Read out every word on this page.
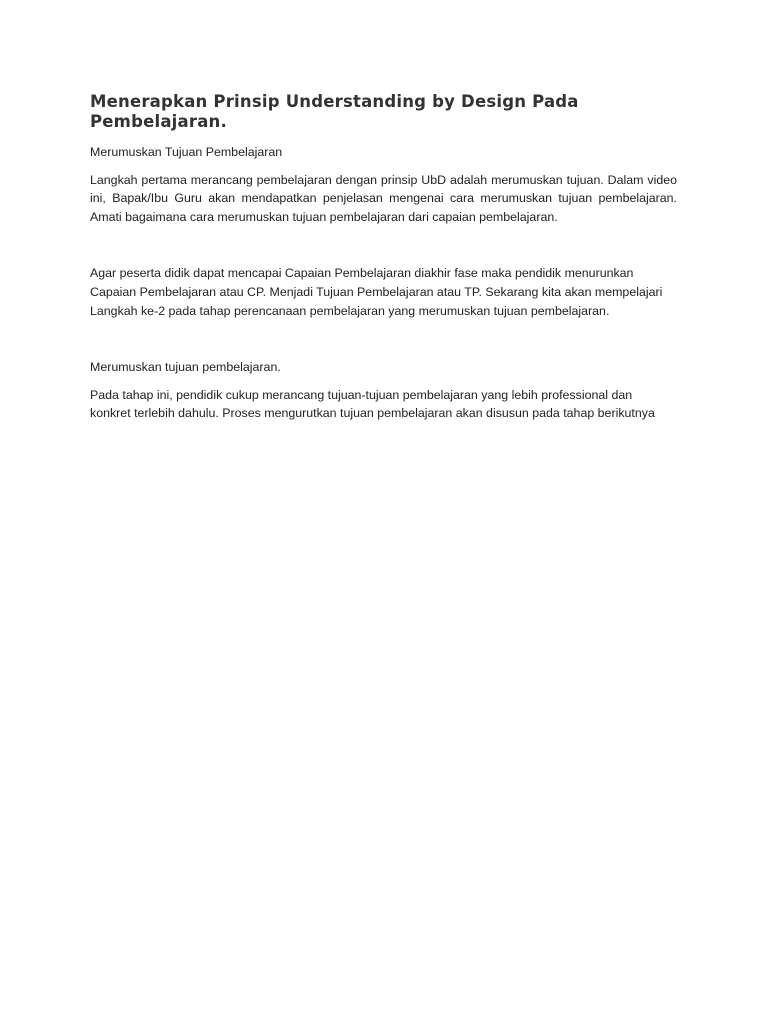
Menerapkan Prinsip Understanding by Design Pada Pembelajaran.

Merumuskan Tujuan Pembelajaran

Langkah pertama merancang pembelajaran dengan prinsip UbD adalah merumuskan tujuan. Dalam video ini, Bapak/Ibu Guru akan mendapatkan penjelasan mengenai cara merumuskan tujuan pembelajaran. Amati bagaimana cara merumuskan tujuan pembelajaran dari capaian pembelajaran.

Agar peserta didik dapat mencapai Capaian Pembelajaran diakhir fase maka pendidik menurunkan
Capaian Pembelajaran atau CP. Menjadi Tujuan Pembelajaran atau TP. Sekarang kita akan mempelajari
Langkah ke-2 pada tahap perencanaan pembelajaran yang merumuskan tujuan pembelajaran.

Merumuskan tujuan pembelajaran.

Pada tahap ini, pendidik cukup merancang tujuan-tujuan pembelajaran yang lebih professional dan
konkret terlebih dahulu. Proses mengurutkan tujuan pembelajaran akan disusun pada tahap berikutnya
